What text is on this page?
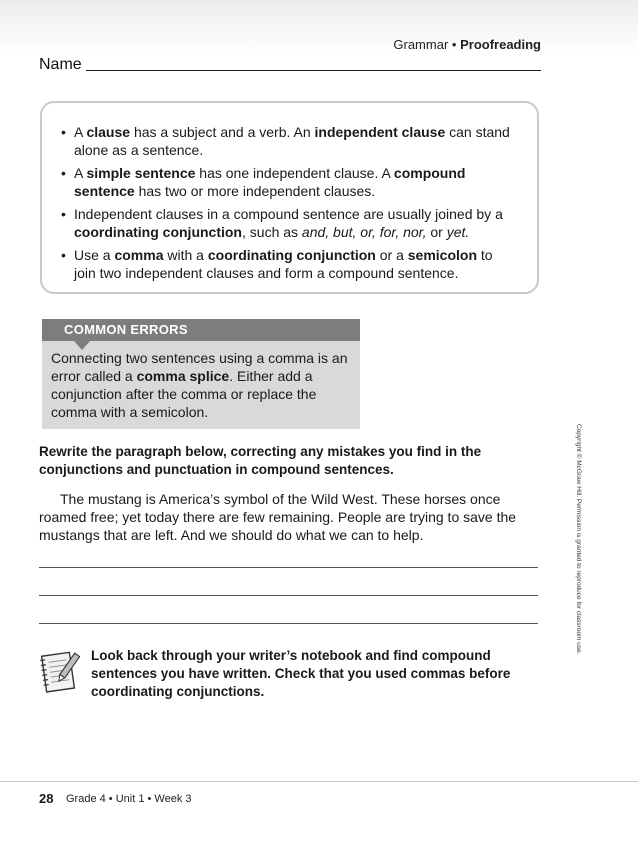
Grammar • Proofreading
Name
• A clause has a subject and a verb. An independent clause can stand alone as a sentence.
• A simple sentence has one independent clause. A compound sentence has two or more independent clauses.
• Independent clauses in a compound sentence are usually joined by a coordinating conjunction, such as and, but, or, for, nor, or yet.
• Use a comma with a coordinating conjunction or a semicolon to join two independent clauses and form a compound sentence.
COMMON ERRORS
Connecting two sentences using a comma is an error called a comma splice. Either add a conjunction after the comma or replace the comma with a semicolon.
Rewrite the paragraph below, correcting any mistakes you find in the conjunctions and punctuation in compound sentences.
The mustang is America’s symbol of the Wild West. These horses once
roamed free; yet today there are few remaining. People are trying to save the
mustangs that are left. And we should do what we can to help.
Look back through your writer’s notebook and find compound sentences you have written. Check that you used commas before coordinating conjunctions.
Copyright © McGraw Hill. Permission is granted to reproduce for classroom use.
28 Grade 4 • Unit 1 • Week 3
